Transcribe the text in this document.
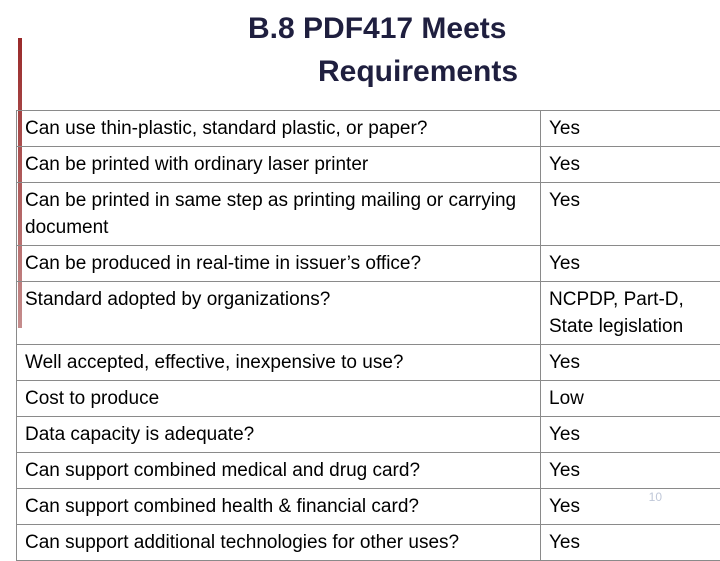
B.8 PDF417 Meets
Requirements
Can use thin-plastic, standard plastic, or paper?	Yes
Can be printed with ordinary laser printer	Yes
Can be printed in same step as printing mailing or carrying document	Yes
Can be produced in real-time in issuer’s office?	Yes
Standard adopted by organizations?	NCPDP, Part-D, State legislation
Well accepted, effective, inexpensive to use?	Yes
Cost to produce	Low
Data capacity is adequate?	Yes
Can support combined medical and drug card?	Yes
Can support combined health & financial card?	Yes
Can support additional technologies for other uses?	Yes
10
